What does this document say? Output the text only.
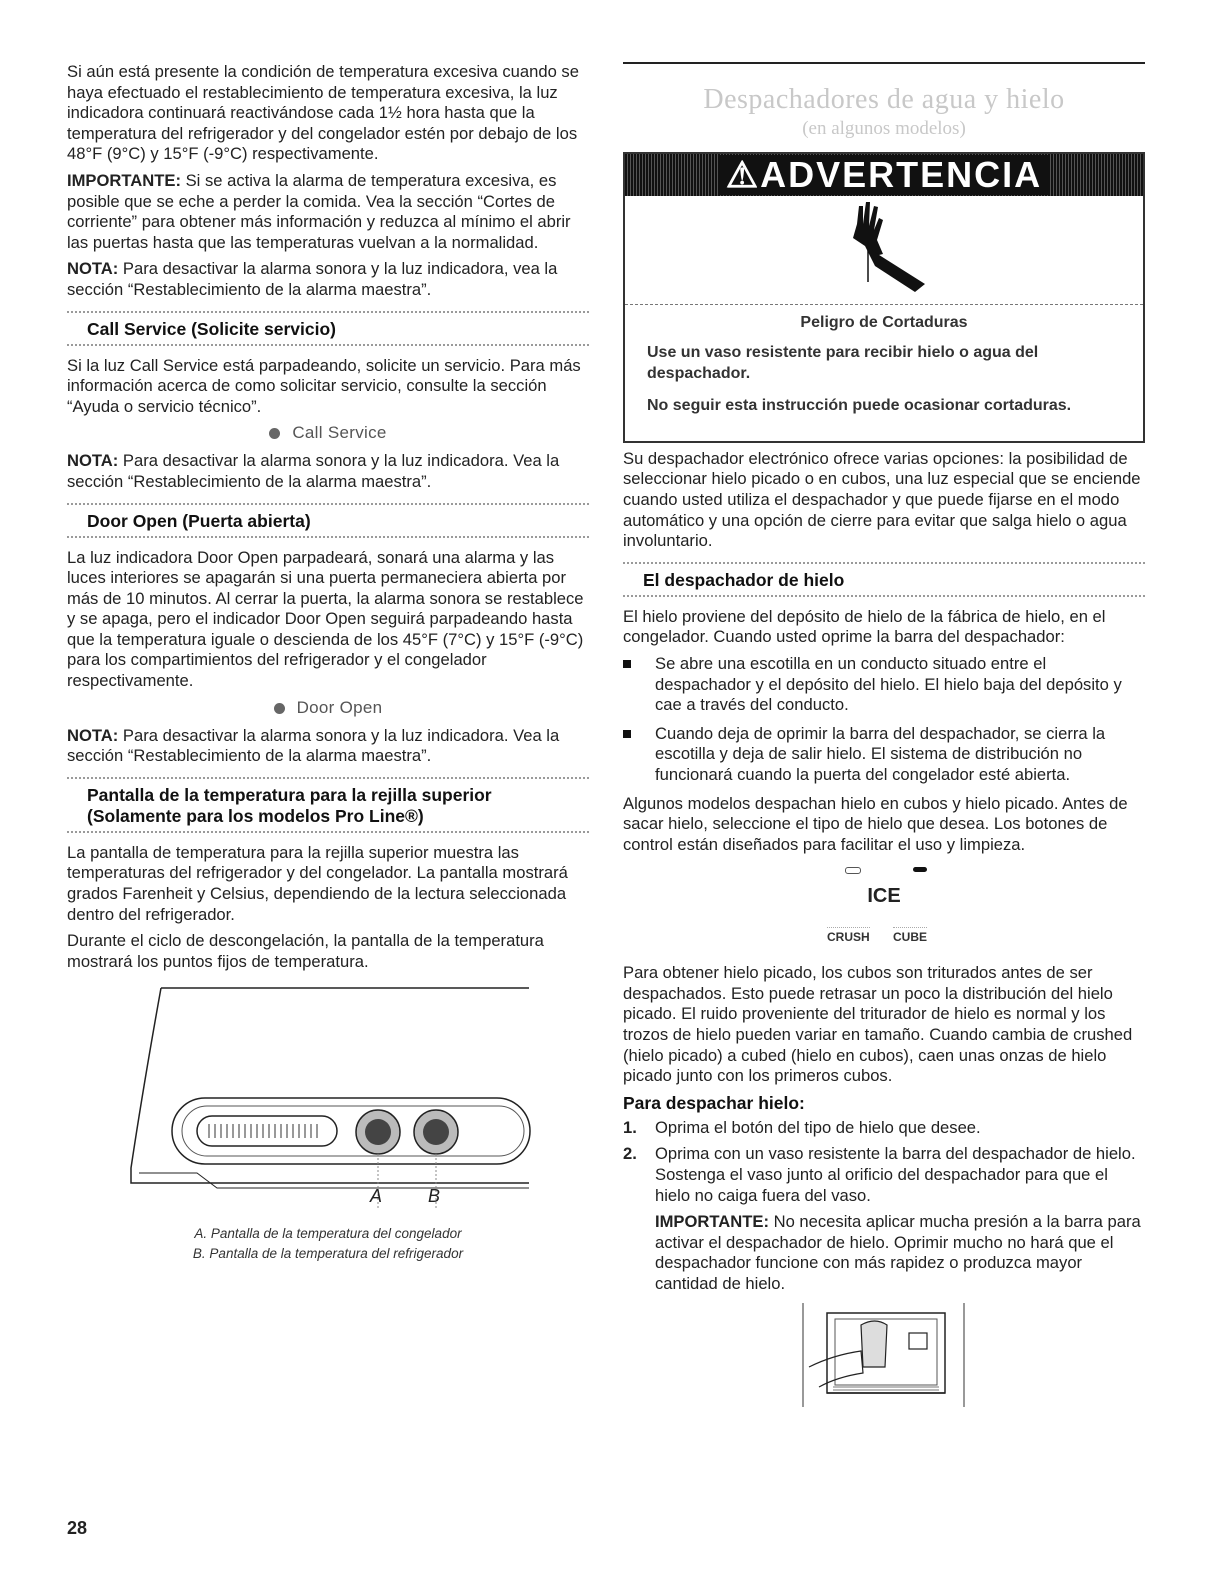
Si aún está presente la condición de temperatura excesiva cuando se haya efectuado el restablecimiento de temperatura excesiva, la luz indicadora continuará reactivándose cada 1½ hora hasta que la temperatura del refrigerador y del congelador estén por debajo de los 48°F (9°C) y 15°F (-9°C) respectivamente.

IMPORTANTE: Si se activa la alarma de temperatura excesiva, es posible que se eche a perder la comida. Vea la sección “Cortes de corriente” para obtener más información y reduzca al mínimo el abrir las puertas hasta que las temperaturas vuelvan a la normalidad.

NOTA: Para desactivar la alarma sonora y la luz indicadora, vea la sección “Restablecimiento de la alarma maestra”.

Call Service (Solicite servicio)

Si la luz Call Service está parpadeando, solicite un servicio. Para más información acerca de como solicitar servicio, consulte la sección “Ayuda o servicio técnico”.

Call Service

NOTA: Para desactivar la alarma sonora y la luz indicadora. Vea la sección “Restablecimiento de la alarma maestra”.

Door Open (Puerta abierta)

La luz indicadora Door Open parpadeará, sonará una alarma y las luces interiores se apagarán si una puerta permaneciera abierta por más de 10 minutos. Al cerrar la puerta, la alarma sonora se restablece y se apaga, pero el indicador Door Open seguirá parpadeando hasta que la temperatura iguale o descienda de los 45°F (7°C) y 15°F (-9°C) para los compartimientos del refrigerador y el congelador respectivamente.

Door Open

NOTA: Para desactivar la alarma sonora y la luz indicadora. Vea la sección “Restablecimiento de la alarma maestra”.

Pantalla de la temperatura para la rejilla superior
(Solamente para los modelos Pro Line®)

La pantalla de temperatura para la rejilla superior muestra las temperaturas del refrigerador y del congelador. La pantalla mostrará grados Farenheit y Celsius, dependiendo de la lectura seleccionada dentro del refrigerador.

Durante el ciclo de descongelación, la pantalla de la temperatura mostrará los puntos fijos de temperatura.

A	B
A. Pantalla de la temperatura del congelador
B. Pantalla de la temperatura del refrigerador
Despachadores de agua y hielo
(en algunos modelos)
⚠ADVERTENCIA
Peligro de Cortaduras

Use un vaso resistente para recibir hielo o agua del despachador.

No seguir esta instrucción puede ocasionar cortaduras.

Su despachador electrónico ofrece varias opciones: la posibilidad de seleccionar hielo picado o en cubos, una luz especial que se enciende cuando usted utiliza el despachador y que puede fijarse en el modo automático y una opción de cierre para evitar que salga hielo o agua involuntario.

El despachador de hielo

El hielo proviene del depósito de hielo de la fábrica de hielo, en el congelador. Cuando usted oprime la barra del despachador:

Se abre una escotilla en un conducto situado entre el despachador y el depósito del hielo. El hielo baja del depósito y cae a través del conducto.
Cuando deja de oprimir la barra del despachador, se cierra la escotilla y deja de salir hielo. El sistema de distribución no funcionará cuando la puerta del congelador esté abierta.

Algunos modelos despachan hielo en cubos y hielo picado. Antes de sacar hielo, seleccione el tipo de hielo que desea. Los botones de control están diseñados para facilitar el uso y limpieza.

ICE
CRUSH CUBE

Para obtener hielo picado, los cubos son triturados antes de ser despachados. Esto puede retrasar un poco la distribución del hielo picado. El ruido proveniente del triturador de hielo es normal y los trozos de hielo pueden variar en tamaño. Cuando cambia de crushed (hielo picado) a cubed (hielo en cubos), caen unas onzas de hielo picado junto con los primeros cubos.

Para despachar hielo:
1. Oprima el botón del tipo de hielo que desee.
2. Oprima con un vaso resistente la barra del despachador de hielo. Sostenga el vaso junto al orificio del despachador para que el hielo no caiga fuera del vaso.
IMPORTANTE: No necesita aplicar mucha presión a la barra para activar el despachador de hielo. Oprimir mucho no hará que el despachador funcione con más rapidez o produzca mayor cantidad de hielo.
28
